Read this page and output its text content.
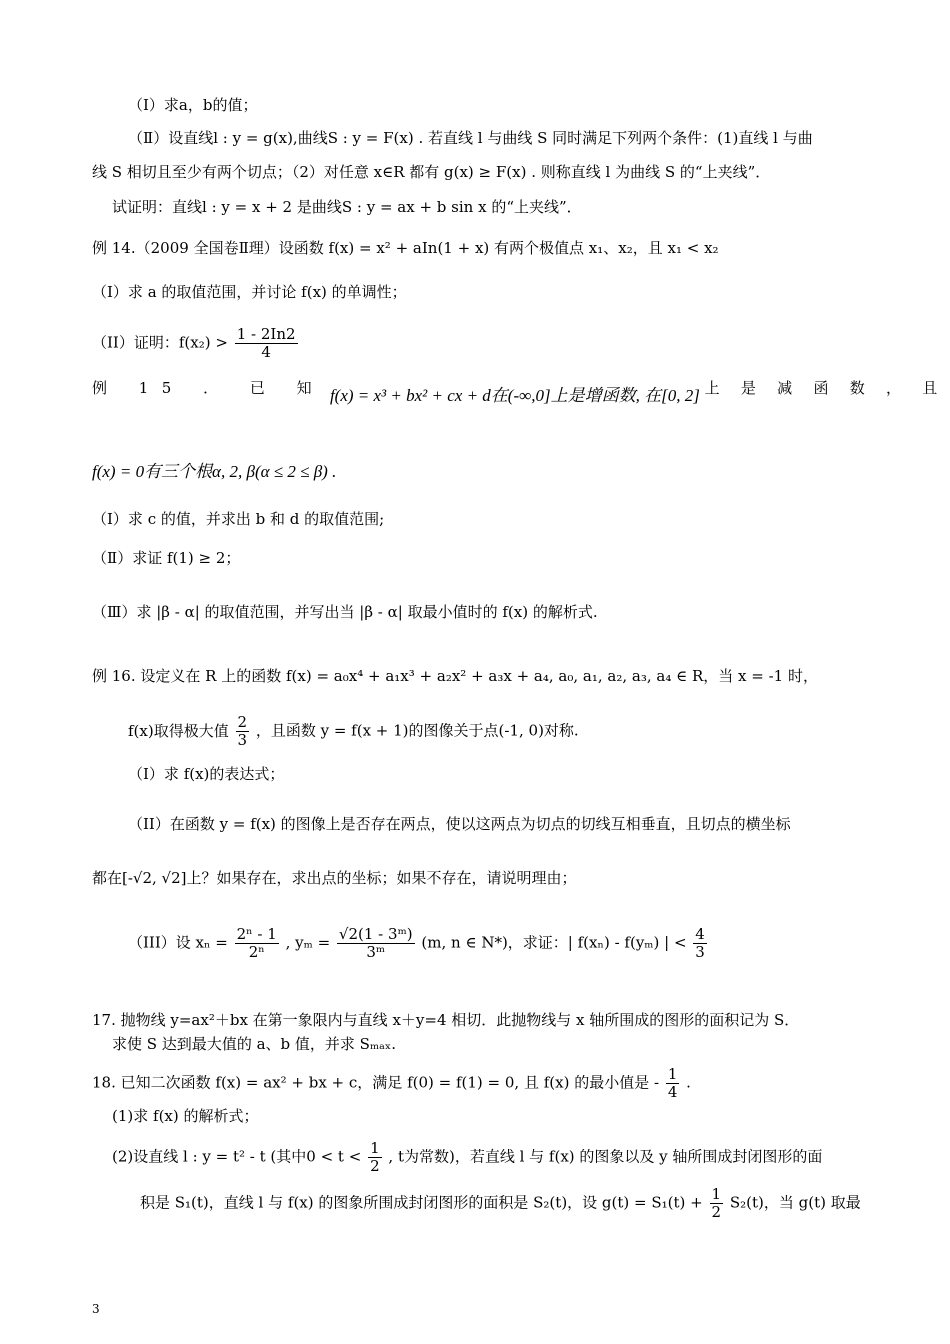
（Ⅰ）求a，b的值；
（Ⅱ）设直线l : y = g(x),曲线S : y = F(x) . 若直线 l 与曲线 S 同时满足下列两个条件：(1)直线 l 与曲
线 S 相切且至少有两个切点；（2）对任意 x∈R 都有 g(x) ≥ F(x) . 则称直线 l 为曲线 S 的“上夹线”．
试证明：直线l : y = x + 2 是曲线S : y = ax + b sin x 的“上夹线”．
例 14.（2009 全国卷Ⅱ理）设函数 f(x) = x² + aIn(1 + x) 有两个极值点 x₁、x₂，且 x₁ < x₂
（I）求 a 的取值范围，并讨论 f(x) 的单调性；
（II）证明：$f(x_2) > \frac{1 - 2In2}{4}$
例 15 ． 已 知 f(x) = x³ + bx² + cx + d在(-∞,0]上是增函数, 在[0, 2] 上 是 减 函 数 ， 且
f(x) = 0有三个根α, 2, β(α ≤ 2 ≤ β) .
（Ⅰ）求 c 的值，并求出 b 和 d 的取值范围;
（Ⅱ）求证 f(1) ≥ 2；
（Ⅲ）求 |β - α| 的取值范围，并写出当 |β - α| 取最小值时的 f(x) 的解析式.
例 16. 设定义在 R 上的函数 f(x) = a₀x⁴ + a₁x³ + a₂x² + a₃x + a₄, a₀, a₁, a₂, a₃, a₄ ∈ R，当 x = -1 时，
f(x)取得极大值 $\frac{2}{3}$ ，且函数 y = f(x + 1)的图像关于点(-1, 0)对称.
（I）求 f(x)的表达式；
（II）在函数 y = f(x) 的图像上是否存在两点，使以这两点为切点的切线互相垂直，且切点的横坐标
都在[-√2, √2]上？如果存在，求出点的坐标；如果不存在，请说明理由；
（III）设 $x_n = \frac{\text{2ⁿ - 1}}{\text{2ⁿ}}$ , $y_m = \frac{\text{√2(1 - 3ᵐ)}}{\text{3ᵐ}} (m$, n ∈ N*)，求证：| f(xₙ) - f(yₘ) | < $\frac{4}{3}$
17. 抛物线 y=ax²＋bx 在第一象限内与直线 x＋y=4 相切．此抛物线与 x 轴所围成的图形的面积记为 S．
求使 S 达到最大值的 a、b 值，并求 Sₘₐₓ.
18. 已知二次函数 f(x) = ax² + bx + c，满足 f(0) = f(1) = 0, 且 f(x) 的最小值是 - $\frac{1}{4}$ .
(1)求 f(x) 的解析式；
(2)设直线 l : y = t² - t (其中$0 < t < \frac{1}{2}$ , t为常数)，若直线 l 与 f(x) 的图象以及 y 轴所围成封闭图形的面
积是 S₁(t)，直线 l 与 f(x) 的图象所围成封闭图形的面积是 S₂(t)，设 $g(t) = S_1(t) + \frac{1}{2} S_2(t)$，当 g(t) 取最
3
